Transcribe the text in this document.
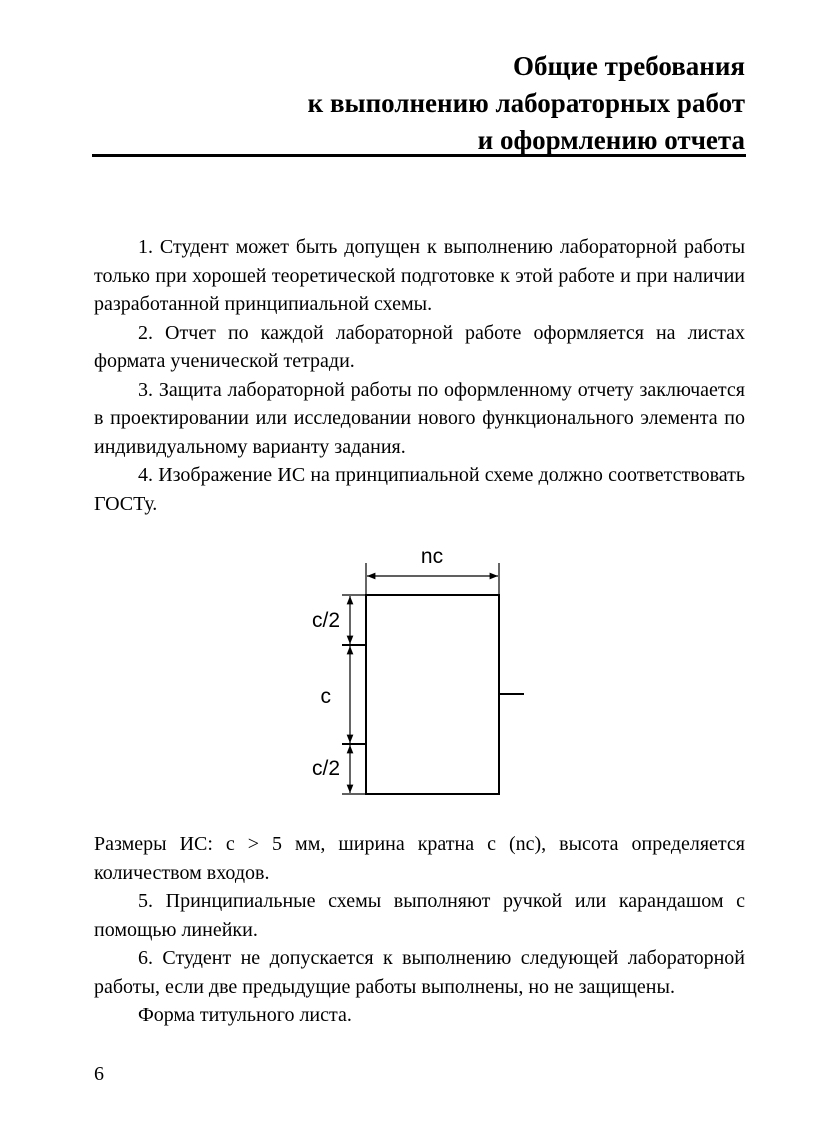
Общие требования
к выполнению лабораторных работ
и оформлению отчета

1. Студент может быть допущен к выполнению лабораторной работы только при хорошей теоретической подготовке к этой работе и при наличии разработанной принципиальной схемы.

2. Отчет по каждой лабораторной работе оформляется на листах формата ученической тетради.

3. Защита лабораторной работы по оформленному отчету заключается в проектировании или исследовании нового функционального элемента по индивидуальному варианту задания.

4. Изображение ИС на принципиальной схеме должно соответствовать ГОСТу.

nc
c/2
c
c/2

Размеры ИС: c > 5 мм, ширина кратна c (nc), высота определяется количеством входов.

5. Принципиальные схемы выполняют ручкой или карандашом с помощью линейки.

6. Студент не допускается к выполнению следующей лабораторной работы, если две предыдущие работы выполнены, но не защищены.

Форма титульного листа.

6
